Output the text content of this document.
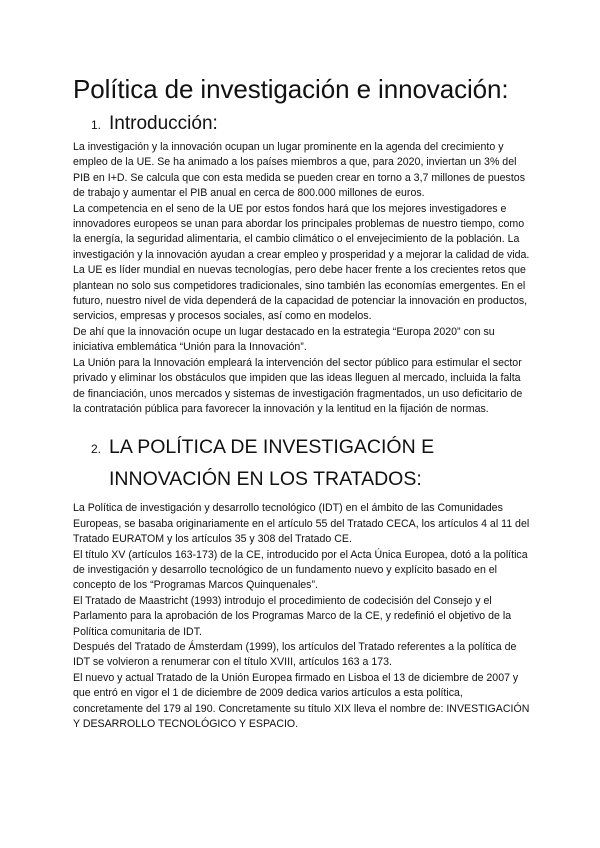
Política de investigación e innovación:
1. Introducción:

La investigación y la innovación ocupan un lugar prominente en la agenda del crecimiento y empleo de la UE. Se ha animado a los países miembros a que, para 2020, inviertan un 3% del PIB en I+D. Se calcula que con esta medida se pueden crear en torno a 3,7 millones de puestos de trabajo y aumentar el PIB anual en cerca de 800.000 millones de euros.

La competencia en el seno de la UE por estos fondos hará que los mejores investigadores e innovadores europeos se unan para abordar los principales problemas de nuestro tiempo, como la energía, la seguridad alimentaria, el cambio climático o el envejecimiento de la población. La investigación y la innovación ayudan a crear empleo y prosperidad y a mejorar la calidad de vida.

La UE es líder mundial en nuevas tecnologías, pero debe hacer frente a los crecientes retos que plantean no solo sus competidores tradicionales, sino también las economías emergentes. En el futuro, nuestro nivel de vida dependerá de la capacidad de potenciar la innovación en productos, servicios, empresas y procesos sociales, así como en modelos.

De ahí que la innovación ocupe un lugar destacado en la estrategia “Europa 2020” con su iniciativa emblemática “Unión para la Innovación”.

La Unión para la Innovación empleará la intervención del sector público para estimular el sector privado y eliminar los obstáculos que impiden que las ideas lleguen al mercado, incluida la falta de financiación, unos mercados y sistemas de investigación fragmentados, un uso deficitario de la contratación pública para favorecer la innovación y la lentitud en la fijación de normas.

2. LA POLÍTICA DE INVESTIGACIÓN E
INNOVACIÓN EN LOS TRATADOS:

La Política de investigación y desarrollo tecnológico (IDT) en el ámbito de las Comunidades Europeas, se basaba originariamente en el artículo 55 del Tratado CECA, los artículos 4 al 11 del Tratado EURATOM y los artículos 35 y 308 del Tratado CE.

El título XV (artículos 163-173) de la CE, introducido por el Acta Única Europea, dotó a la política de investigación y desarrollo tecnológico de un fundamento nuevo y explícito basado en el concepto de los “Programas Marcos Quinquenales”.

El Tratado de Maastricht (1993) introdujo el procedimiento de codecisión del Consejo y el Parlamento para la aprobación de los Programas Marco de la CE, y redefinió el objetivo de la Política comunitaria de IDT.

Después del Tratado de Ámsterdam (1999), los artículos del Tratado referentes a la política de IDT se volvieron a renumerar con el título XVIII, artículos 163 a 173.

El nuevo y actual Tratado de la Unión Europea firmado en Lisboa el 13 de diciembre de 2007 y que entró en vigor el 1 de diciembre de 2009 dedica varios artículos a esta política, concretamente del 179 al 190. Concretamente su título XIX lleva el nombre de: INVESTIGACIÓN Y DESARROLLO TECNOLÓGICO Y ESPACIO.
